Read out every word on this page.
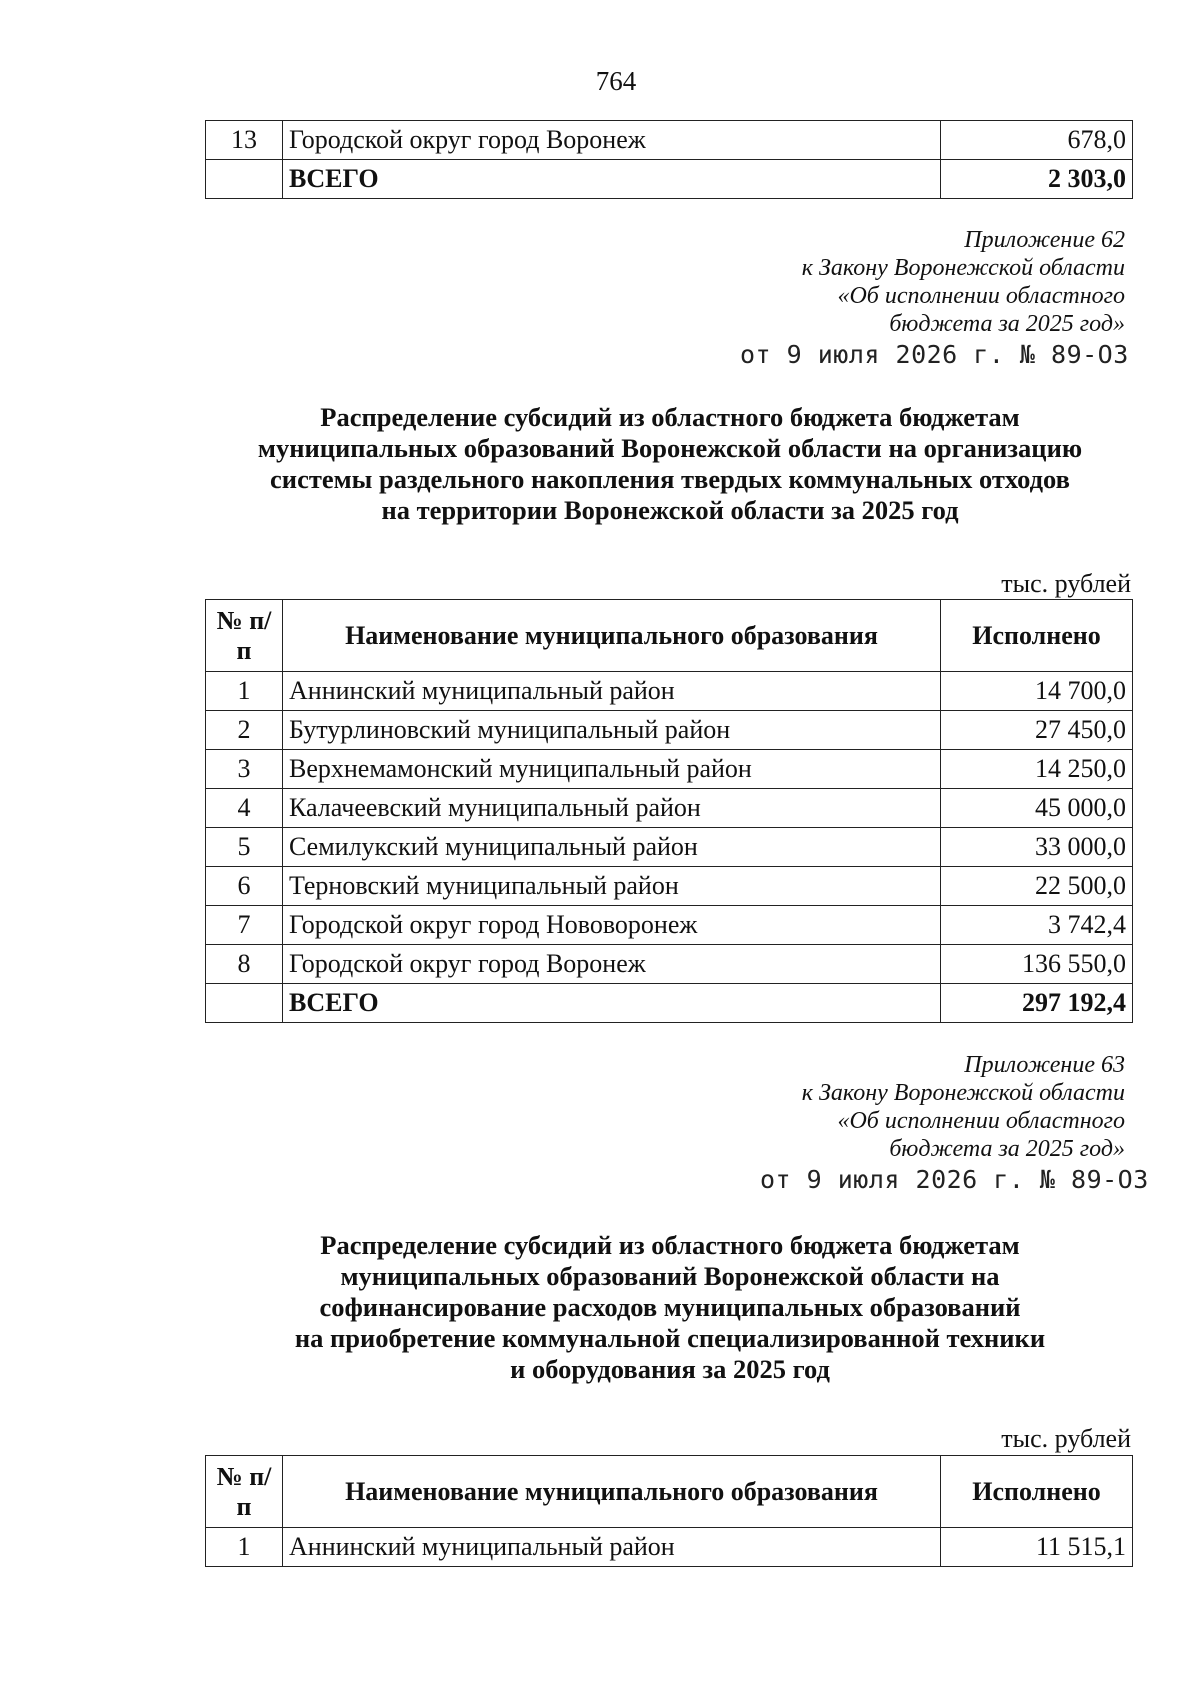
764
13	Городской округ город Воронеж	678,0
	ВСЕГО	2 303,0
Приложение 62
к Закону Воронежской области
«Об исполнении областного
бюджета за 2025 год»
от 9 июля 2026 г. № 89-ОЗ
Распределение субсидий из областного бюджета бюджетам
муниципальных образований Воронежской области на организацию
системы раздельного накопления твердых коммунальных отходов
на территории Воронежской области за 2025 год
тыс. рублей
№ п/п	Наименование муниципального образования	Исполнено
1	Аннинский муниципальный район	14 700,0
2	Бутурлиновский муниципальный район	27 450,0
3	Верхнемамонский муниципальный район	14 250,0
4	Калачеевский муниципальный район	45 000,0
5	Семилукский муниципальный район	33 000,0
6	Терновский муниципальный район	22 500,0
7	Городской округ город Нововоронеж	3 742,4
8	Городской округ город Воронеж	136 550,0
	ВСЕГО	297 192,4
Приложение 63
к Закону Воронежской области
«Об исполнении областного
бюджета за 2025 год»
от 9 июля 2026 г. № 89-ОЗ
Распределение субсидий из областного бюджета бюджетам
муниципальных образований Воронежской области на
софинансирование расходов муниципальных образований
на приобретение коммунальной специализированной техники
и оборудования за 2025 год
тыс. рублей
№ п/п	Наименование муниципального образования	Исполнено
1	Аннинский муниципальный район	11 515,1
